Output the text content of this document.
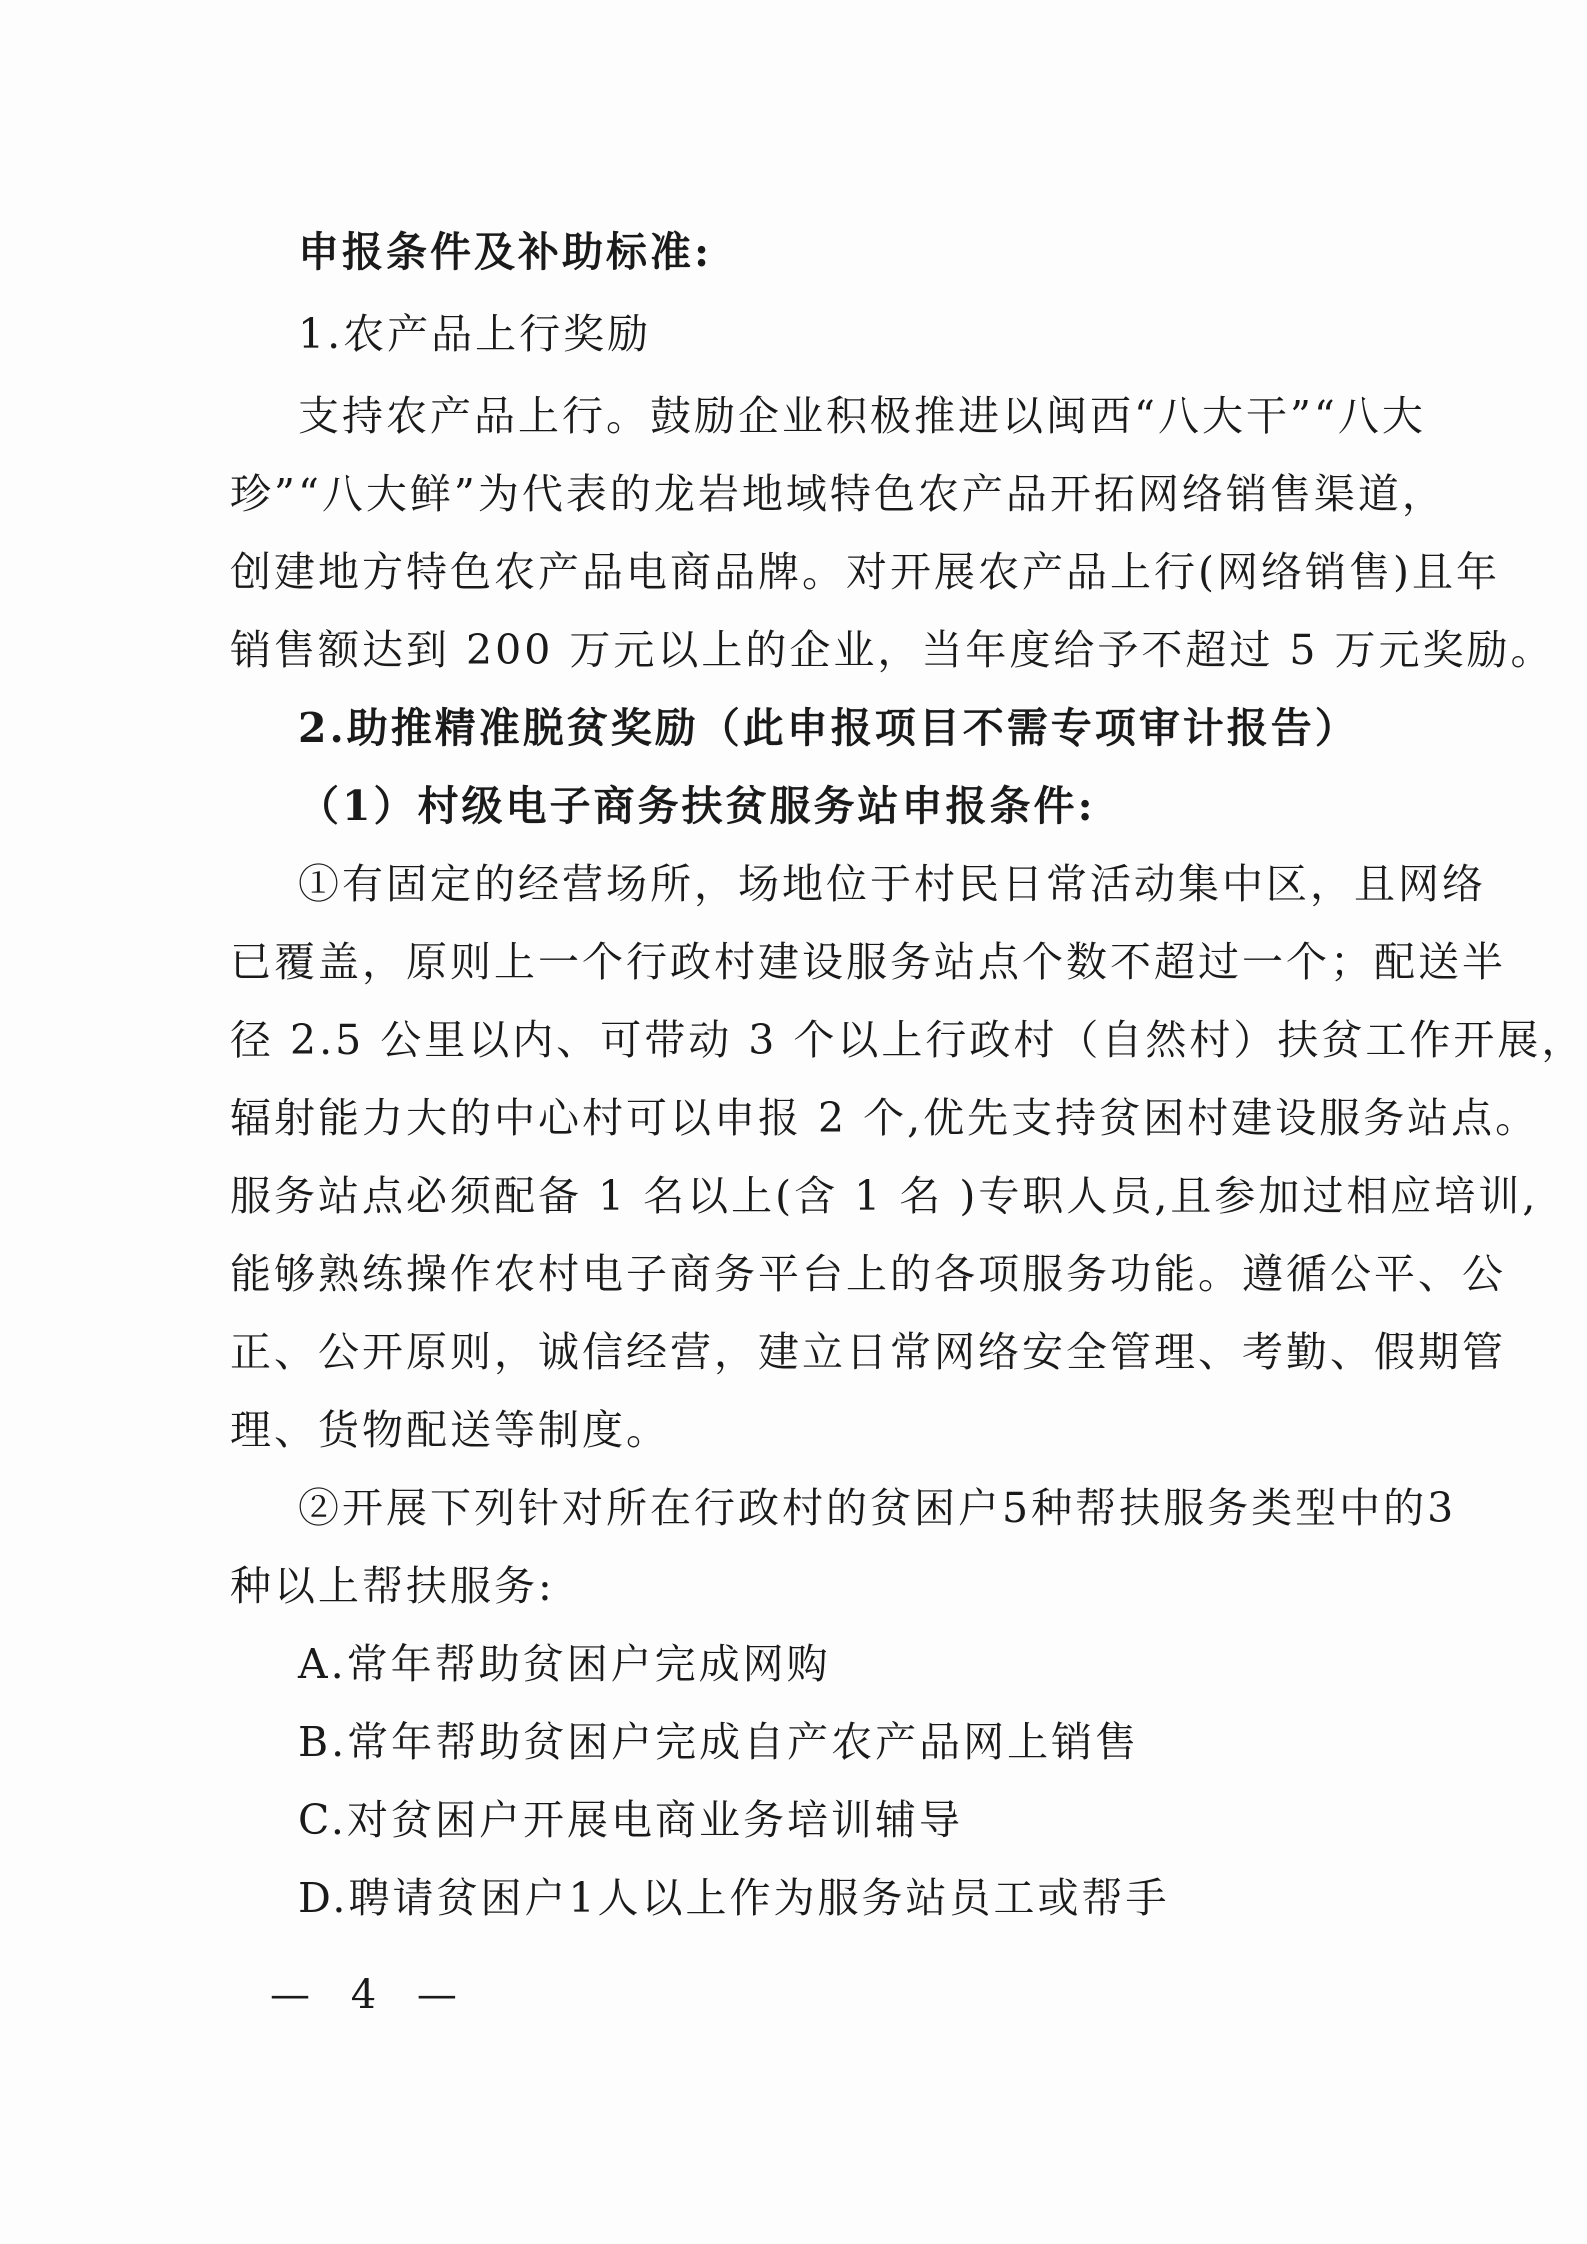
申报条件及补助标准:
1.农产品上行奖励
支持农产品上行。鼓励企业积极推进以闽西“八大干”“八大
珍”“八大鲜”为代表的龙岩地域特色农产品开拓网络销售渠道，
创建地方特色农产品电商品牌。对开展农产品上行(网络销售)且年
销售额达到 200 万元以上的企业，当年度给予不超过 5 万元奖励。
2.助推精准脱贫奖励（此申报项目不需专项审计报告）
（1）村级电子商务扶贫服务站申报条件:
①有固定的经营场所，场地位于村民日常活动集中区，且网络
已覆盖，原则上一个行政村建设服务站点个数不超过一个；配送半
径 2.5 公里以内、可带动 3 个以上行政村（自然村）扶贫工作开展，
辐射能力大的中心村可以申报 2 个,优先支持贫困村建设服务站点。
服务站点必须配备 1 名以上(含 1 名 )专职人员,且参加过相应培训,
能够熟练操作农村电子商务平台上的各项服务功能。遵循公平、公
正、公开原则，诚信经营，建立日常网络安全管理、考勤、假期管
理、货物配送等制度。
②开展下列针对所在行政村的贫困户5种帮扶服务类型中的3
种以上帮扶服务:
A.常年帮助贫困户完成网购
B.常年帮助贫困户完成自产农产品网上销售
C.对贫困户开展电商业务培训辅导
D.聘请贫困户1人以上作为服务站员工或帮手
— 4 —
